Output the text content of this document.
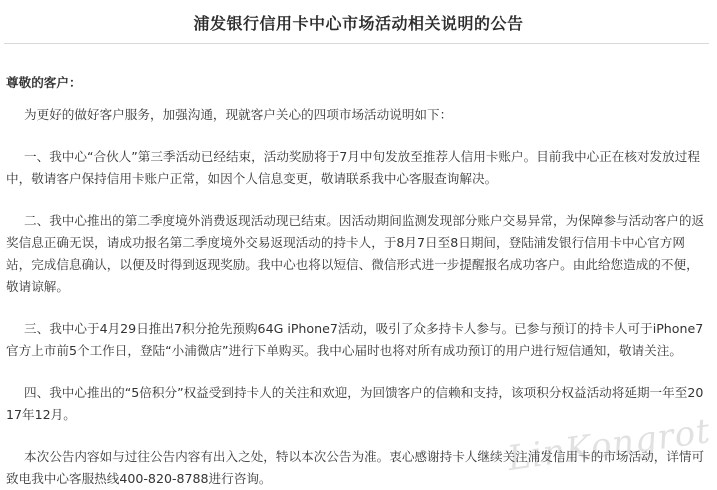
浦发银行信用卡中心市场活动相关说明的公告

尊敬的客户：

为更好的做好客户服务，加强沟通，现就客户关心的四项市场活动说明如下：

一、我中心“合伙人”第三季活动已经结束，活动奖励将于7月中旬发放至推荐人信用卡账户。目前我中心正在核对发放过程中，敬请客户保持信用卡账户正常，如因个人信息变更，敬请联系我中心客服查询解决。

二、我中心推出的第二季度境外消费返现活动现已结束。因活动期间监测发现部分账户交易异常，为保障参与活动客户的返奖信息正确无误，请成功报名第二季度境外交易返现活动的持卡人，于8月7日至8日期间，登陆浦发银行信用卡中心官方网站，完成信息确认，以便及时得到返现奖励。我中心也将以短信、微信形式进一步提醒报名成功客户。由此给您造成的不便，敬请谅解。

三、我中心于4月29日推出7积分抢先预购64G iPhone7活动，吸引了众多持卡人参与。已参与预订的持卡人可于iPhone7官方上市前5个工作日，登陆“小浦微店”进行下单购买。我中心届时也将对所有成功预订的用户进行短信通知，敬请关注。

四、我中心推出的“5倍积分”权益受到持卡人的关注和欢迎，为回馈客户的信赖和支持，该项积分权益活动将延期一年至2017年12月。

本次公告内容如与过往公告内容有出入之处，特以本次公告为准。衷心感谢持卡人继续关注浦发信用卡的市场活动，详情可致电我中心客服热线400-820-8788进行咨询。	LinKongrot
